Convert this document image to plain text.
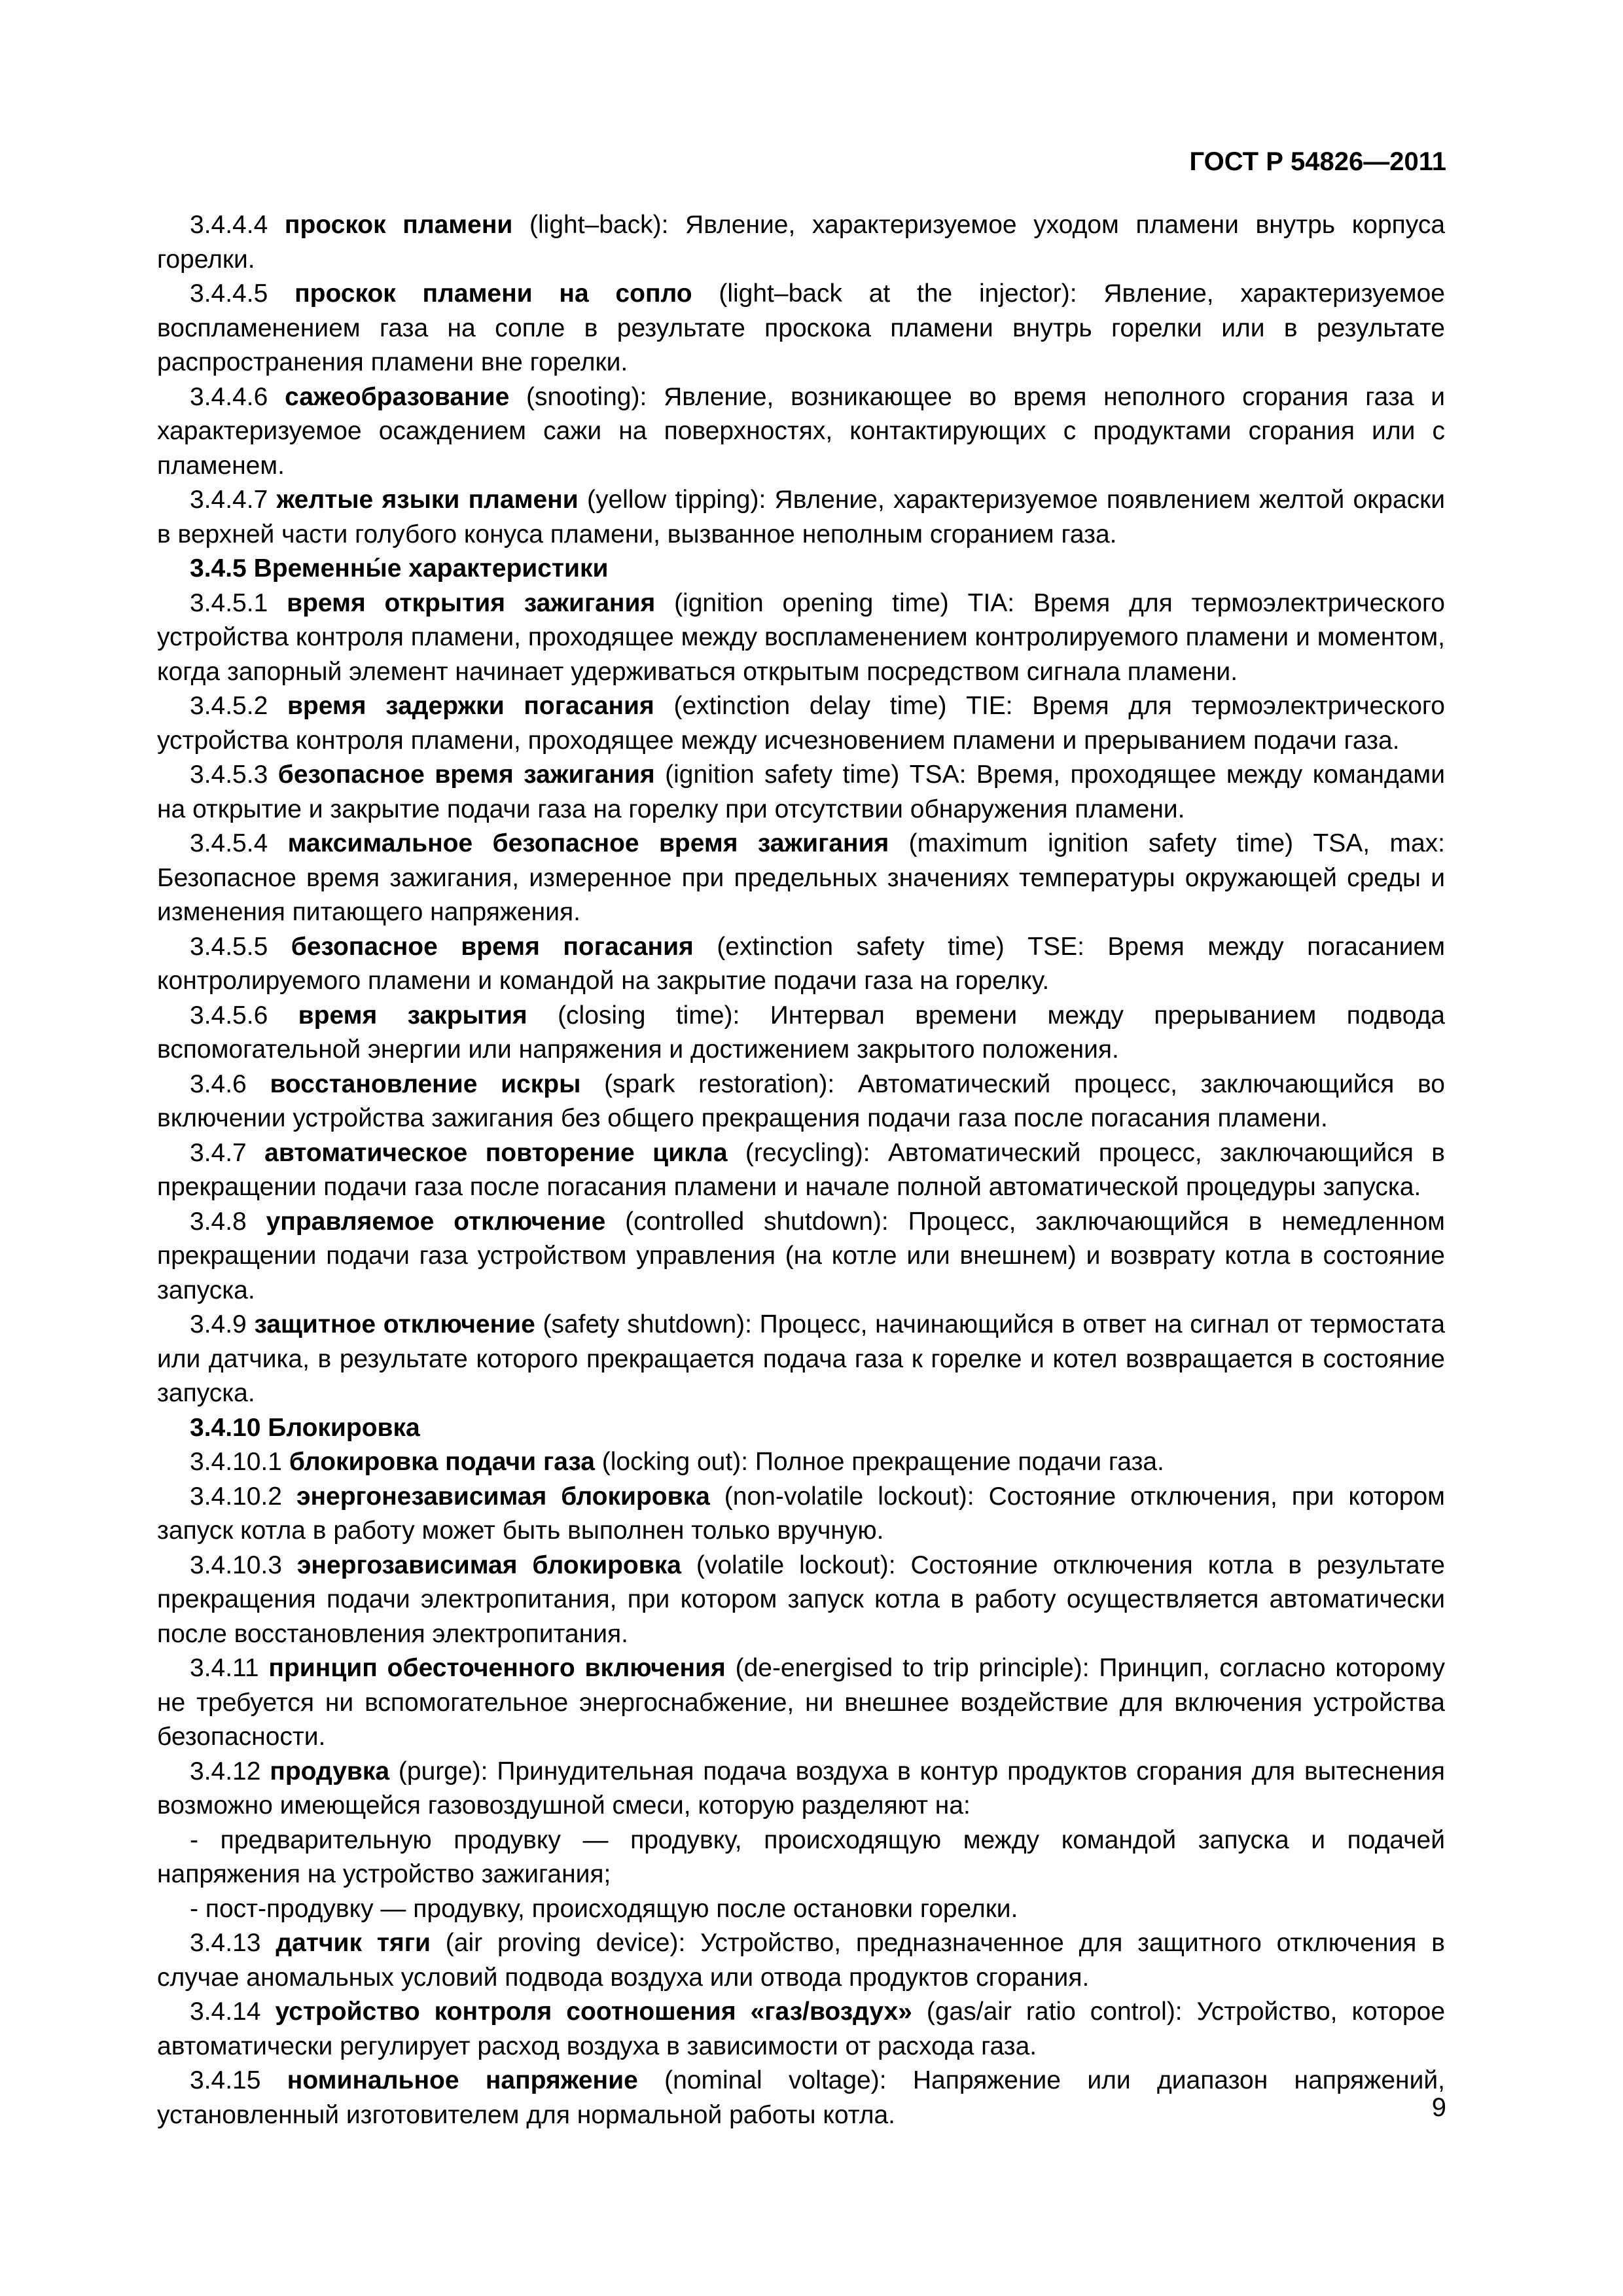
ГОСТ Р 54826—2011

3.4.4.4 проскок пламени (light–back): Явление, характеризуемое уходом пламени внутрь корпуса горелки.

3.4.4.5 проскок пламени на сопло (light–back at the injector): Явление, характеризуемое воспламенением газа на сопле в результате проскока пламени внутрь горелки или в результате распространения пламени вне горелки.

3.4.4.6 сажеобразование (snooting): Явление, возникающее во время неполного сгорания газа и характеризуемое осаждением сажи на поверхностях, контактирующих с продуктами сгорания или с пламенем.

3.4.4.7 желтые языки пламени (yellow tipping): Явление, характеризуемое появлением желтой окраски в верхней части голубого конуса пламени, вызванное неполным сгоранием газа.

3.4.5 Временны́е характеристики

3.4.5.1 время открытия зажигания (ignition opening time) TIA: Время для термоэлектрического устройства контроля пламени, проходящее между воспламенением контролируемого пламени и моментом, когда запорный элемент начинает удерживаться открытым посредством сигнала пламени.

3.4.5.2 время задержки погасания (extinction delay time) TIE: Время для термоэлектрического устройства контроля пламени, проходящее между исчезновением пламени и прерыванием подачи газа.

3.4.5.3 безопасное время зажигания (ignition safety time) TSA: Время, проходящее между командами на открытие и закрытие подачи газа на горелку при отсутствии обнаружения пламени.

3.4.5.4 максимальное безопасное время зажигания (maximum ignition safety time) TSA, max: Безопасное время зажигания, измеренное при предельных значениях температуры окружающей среды и изменения питающего напряжения.

3.4.5.5 безопасное время погасания (extinction safety time) TSE: Время между погасанием контролируемого пламени и командой на закрытие подачи газа на горелку.

3.4.5.6 время закрытия (closing time): Интервал времени между прерыванием подвода вспомогательной энергии или напряжения и достижением закрытого положения.

3.4.6 восстановление искры (spark restoration): Автоматический процесс, заключающийся во включении устройства зажигания без общего прекращения подачи газа после погасания пламени.

3.4.7 автоматическое повторение цикла (recycling): Автоматический процесс, заключающийся в прекращении подачи газа после погасания пламени и начале полной автоматической процедуры запуска.

3.4.8 управляемое отключение (controlled shutdown): Процесс, заключающийся в немедленном прекращении подачи газа устройством управления (на котле или внешнем) и возврату котла в состояние запуска.

3.4.9 защитное отключение (safety shutdown): Процесс, начинающийся в ответ на сигнал от термостата или датчика, в результате которого прекращается подача газа к горелке и котел возвращается в состояние запуска.

3.4.10 Блокировка

3.4.10.1 блокировка подачи газа (locking out): Полное прекращение подачи газа.

3.4.10.2 энергонезависимая блокировка (non-volatile lockout): Состояние отключения, при котором запуск котла в работу может быть выполнен только вручную.

3.4.10.3 энергозависимая блокировка (volatile lockout): Состояние отключения котла в результате прекращения подачи электропитания, при котором запуск котла в работу осуществляется автоматически после восстановления электропитания.

3.4.11 принцип обесточенного включения (de-energised to trip principle): Принцип, согласно которому не требуется ни вспомогательное энергоснабжение, ни внешнее воздействие для включения устройства безопасности.

3.4.12 продувка (purge): Принудительная подача воздуха в контур продуктов сгорания для вытеснения возможно имеющейся газовоздушной смеси, которую разделяют на:

- предварительную продувку — продувку, происходящую между командой запуска и подачей напряжения на устройство зажигания;

- пост-продувку — продувку, происходящую после остановки горелки.

3.4.13 датчик тяги (air proving device): Устройство, предназначенное для защитного отключения в случае аномальных условий подвода воздуха или отвода продуктов сгорания.

3.4.14 устройство контроля соотношения «газ/воздух» (gas/air ratio control): Устройство, которое автоматически регулирует расход воздуха в зависимости от расхода газа.

3.4.15 номинальное напряжение (nominal voltage): Напряжение или диапазон напряжений, установленный изготовителем для нормальной работы котла.	9
